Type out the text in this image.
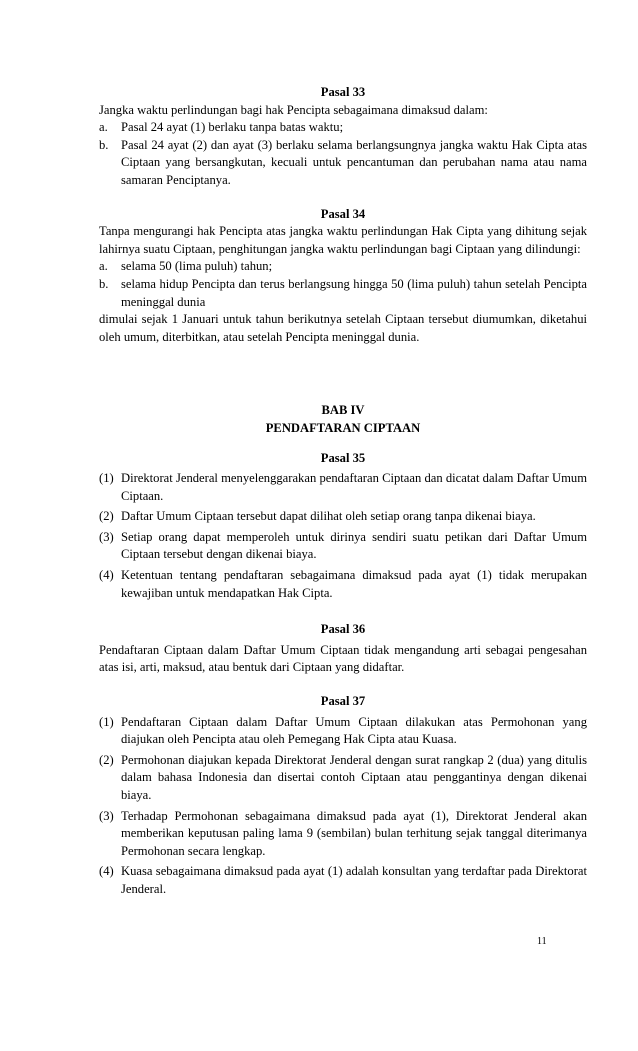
Pasal 33

Jangka waktu perlindungan bagi hak Pencipta sebagaimana dimaksud dalam:

a.	Pasal 24 ayat (1) berlaku tanpa batas waktu;
b. Pasal 24 ayat (2) dan ayat (3) berlaku selama berlangsungnya jangka waktu Hak Cipta atas Ciptaan yang bersangkutan, kecuali untuk pencantuman dan perubahan nama atau nama samaran Penciptanya.

Pasal 34

Tanpa mengurangi hak Pencipta atas jangka waktu perlindungan Hak Cipta yang dihitung sejak lahirnya suatu Ciptaan, penghitungan jangka waktu perlindungan bagi Ciptaan yang dilindungi:

a.	selama 50 (lima puluh) tahun;
b. selama hidup Pencipta dan terus berlangsung hingga 50 (lima puluh) tahun setelah Pencipta meninggal dunia

dimulai sejak 1 Januari untuk tahun berikutnya setelah Ciptaan tersebut diumumkan, diketahui oleh umum, diterbitkan, atau setelah Pencipta meninggal dunia.

BAB IV

PENDAFTARAN CIPTAAN

Pasal 35

(1) Direktorat Jenderal menyelenggarakan pendaftaran Ciptaan dan dicatat dalam Daftar Umum Ciptaan.
(2) Daftar Umum Ciptaan tersebut dapat dilihat oleh setiap orang tanpa dikenai biaya.
(3) Setiap orang dapat memperoleh untuk dirinya sendiri suatu petikan dari Daftar Umum Ciptaan tersebut dengan dikenai biaya.
(4) Ketentuan tentang pendaftaran sebagaimana dimaksud pada ayat (1) tidak merupakan kewajiban untuk mendapatkan Hak Cipta.

Pasal 36

Pendaftaran Ciptaan dalam Daftar Umum Ciptaan tidak mengandung arti sebagai pengesahan atas isi, arti, maksud, atau bentuk dari Ciptaan yang didaftar.

Pasal 37

(1) Pendaftaran Ciptaan dalam Daftar Umum Ciptaan dilakukan atas Permohonan yang diajukan oleh Pencipta atau oleh Pemegang Hak Cipta atau Kuasa.
(2) Permohonan diajukan kepada Direktorat Jenderal dengan surat rangkap 2 (dua) yang ditulis dalam bahasa Indonesia dan disertai contoh Ciptaan atau penggantinya dengan dikenai biaya.
(3) Terhadap Permohonan sebagaimana dimaksud pada ayat (1), Direktorat Jenderal akan memberikan keputusan paling lama 9 (sembilan) bulan terhitung sejak tanggal diterimanya Permohonan secara lengkap.
(4) Kuasa sebagaimana dimaksud pada ayat (1) adalah konsultan yang terdaftar pada Direktorat Jenderal.
11
